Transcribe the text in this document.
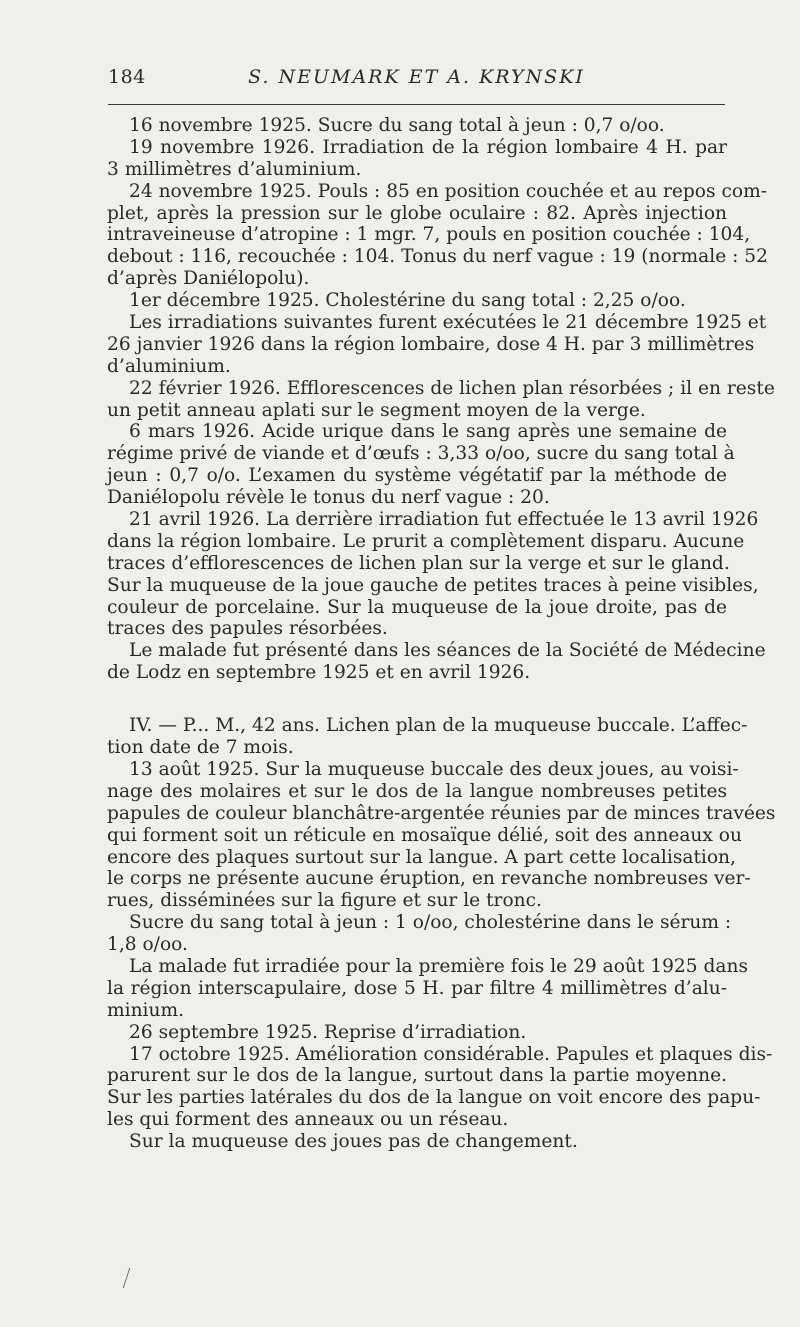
184	S. NEUMARK ET A. KRYNSKI
16 novembre 1925. Sucre du sang total à jeun : 0,7 o/oo.
19 novembre 1926. Irradiation de la région lombaire 4 H. par
3 millimètres d’aluminium.
24 novembre 1925. Pouls : 85 en position couchée et au repos com-
plet, après la pression sur le globe oculaire : 82. Après injection
intraveineuse d’atropine : 1 mgr. 7, pouls en position couchée : 104,
debout : 116, recouchée : 104. Tonus du nerf vague : 19 (normale : 52
d’après Daniélopolu).
1er décembre 1925. Cholestérine du sang total : 2,25 o/oo.
Les irradiations suivantes furent exécutées le 21 décembre 1925 et
26 janvier 1926 dans la région lombaire, dose 4 H. par 3 millimètres
d’aluminium.
22 février 1926. Efflorescences de lichen plan résorbées ; il en reste
un petit anneau aplati sur le segment moyen de la verge.
6 mars 1926. Acide urique dans le sang après une semaine de
régime privé de viande et d’œufs : 3,33 o/oo, sucre du sang total à
jeun : 0,7 o/o. L’examen du système végétatif par la méthode de
Daniélopolu révèle le tonus du nerf vague : 20.
21 avril 1926. La derrière irradiation fut effectuée le 13 avril 1926
dans la région lombaire. Le prurit a complètement disparu. Aucune
traces d’efflorescences de lichen plan sur la verge et sur le gland.
Sur la muqueuse de la joue gauche de petites traces à peine visibles,
couleur de porcelaine. Sur la muqueuse de la joue droite, pas de
traces des papules résorbées.
Le malade fut présenté dans les séances de la Société de Médecine
de Lodz en septembre 1925 et en avril 1926.
IV. — P... M., 42 ans. Lichen plan de la muqueuse buccale. L’affec-
tion date de 7 mois.
13 août 1925. Sur la muqueuse buccale des deux joues, au voisi-
nage des molaires et sur le dos de la langue nombreuses petites
papules de couleur blanchâtre-argentée réunies par de minces travées
qui forment soit un réticule en mosaïque délié, soit des anneaux ou
encore des plaques surtout sur la langue. A part cette localisation,
le corps ne présente aucune éruption, en revanche nombreuses ver-
rues, disséminées sur la figure et sur le tronc.
Sucre du sang total à jeun : 1 o/oo, cholestérine dans le sérum :
1,8 o/oo.
La malade fut irradiée pour la première fois le 29 août 1925 dans
la région interscapulaire, dose 5 H. par filtre 4 millimètres d’alu-
minium.
26 septembre 1925. Reprise d’irradiation.
17 octobre 1925. Amélioration considérable. Papules et plaques dis-
parurent sur le dos de la langue, surtout dans la partie moyenne.
Sur les parties latérales du dos de la langue on voit encore des papu-
les qui forment des anneaux ou un réseau.
Sur la muqueuse des joues pas de changement.
